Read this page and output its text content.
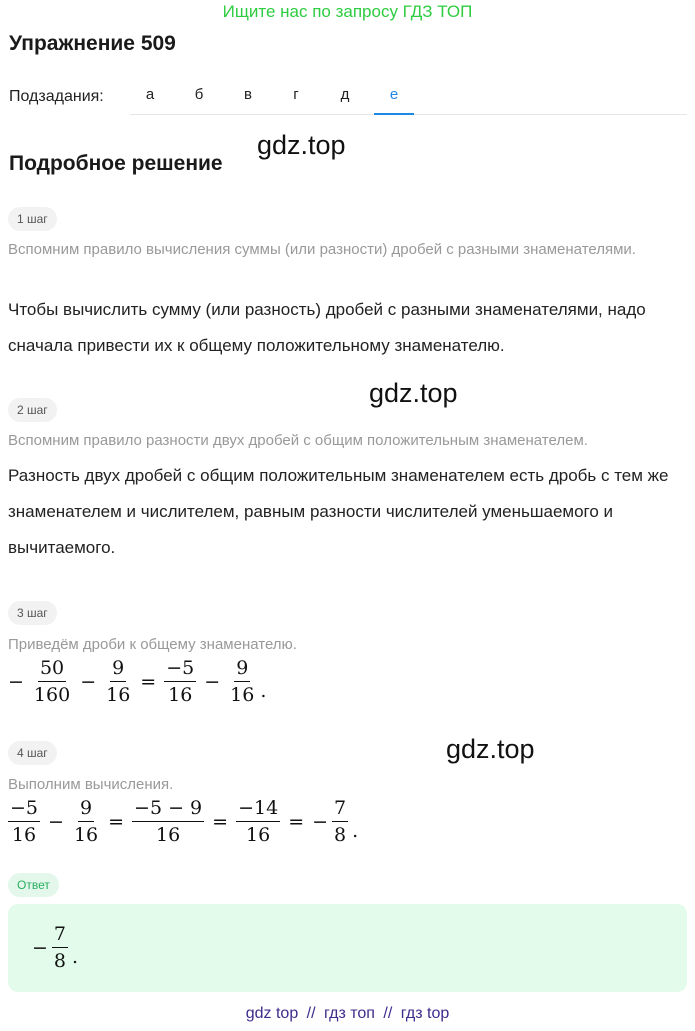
Ищите нас по запросу ГДЗ ТОП
Упражнение 509
Подзадания:	а	б	в	г	д	е
Подробное решение
gdz.top
gdz.top
gdz.top
1 шаг
Вспомним правило вычисления суммы (или разности) дробей с разными знаменателями.
Чтобы вычислить сумму (или разность) дробей с разными знаменателями, надо сначала привести их к общему положительному знаменателю.
2 шаг
Вспомним правило разности двух дробей с общим положительным знаменателем.
Разность двух дробей с общим положительным знаменателем есть дробь с тем же знаменателем и числителем, равным разности числителей уменьшаемого и вычитаемого.
3 шаг
Приведём дроби к общему знаменателю.
− $\frac{50}{160} - \frac{9}{16} = \frac{-5}{16} - \frac{9}{16}$ .
4 шаг
Выполним вычисления.
$\frac{-5}{16} - \frac{9}{16} = \frac{-5 - 9}{16} = \frac{-14}{16}$ = − $\frac{7}{8}$ .
Ответ
− $\frac{7}{8}$ .
gdz top // гдз топ // гдз top
